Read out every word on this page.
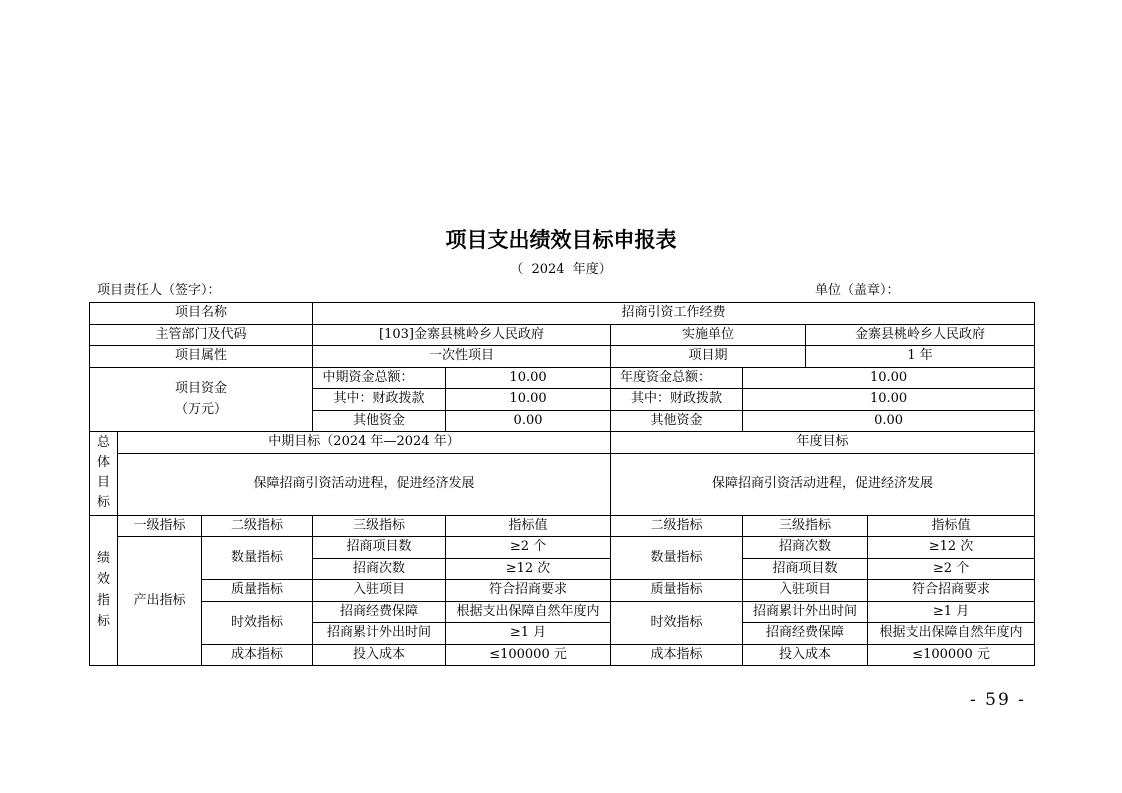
项目支出绩效目标申报表
（  2024  年度）
项目责任人（签字）：	单位（盖章）：
项目名称			招商引资工作经费					
主管部门及代码			[103]金寨县桃岭乡人民政府		实施单位		金寨县桃岭乡人民政府	
项目属性			一次性项目		项目期		1 年	

项目资金
（万元）			中期资金总额：	10.00	年度资金总额：	10.00		
			其中：财政拨款	10.00	其中：财政拨款	10.00		
			其他资金	0.00	其他资金	0.00		

总体目标	中期目标（2024 年—2024 年）				年度目标			
	保障招商引资活动进程，促进经济发展				保障招商引资活动进程，促进经济发展			

绩效指标	一级指标	二级指标	三级指标	指标值	二级指标	三级指标		指标值
	产出指标	数量指标	招商项目数	≥2 个	数量指标	招商次数		≥12 次
			招商次数	≥12 次		招商项目数		≥2 个
		质量指标	入驻项目	符合招商要求	质量指标	入驻项目		符合招商要求
		时效指标	招商经费保障	根据支出保障自然年度内	时效指标	招商累计外出时间		≥1 月
			招商累计外出时间	≥1 月		招商经费保障		根据支出保障自然年度内
		成本指标	投入成本	≤100000 元	成本指标	投入成本		≤100000 元
- 59 -
